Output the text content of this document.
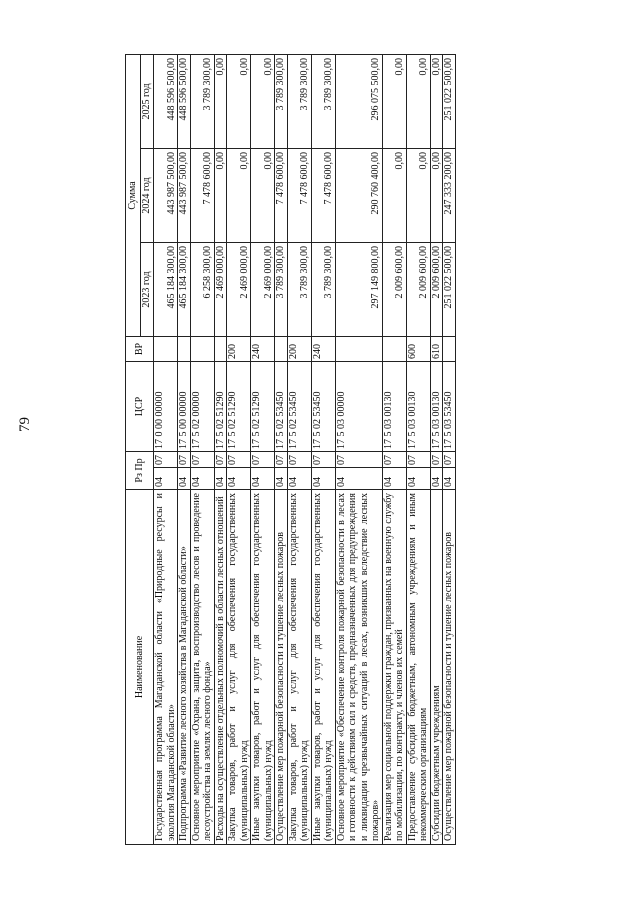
79
Наименование	Рз Пр		ЦСР	ВР	Сумма		
					2023 год	2024 год	2025 год
Государственная программа Магаданской области «Природные ресурсы и экология Магаданской области»	04	07	17 0 00 00000		465 184 300,00	443 987 500,00	448 596 500,00
Подпрограмма «Развитие лесного хозяйства в Магаданской области»	04	07	17 5 00 00000		465 184 300,00	443 987 500,00	448 596 500,00
Основное мероприятие «Охрана, защита, воспроизводство лесов и проведение лесоустройства на землях лесного фонда»	04	07	17 5 02 00000		6 258 300,00	7 478 600,00	3 789 300,00
Расходы на осуществление отдельных полномочий в области лесных отношений	04	07	17 5 02 51290		2 469 000,00	0,00	0,00
Закупка товаров, работ и услуг для обеспечения государственных (муниципальных) нужд	04	07	17 5 02 51290	200	2 469 000,00	0,00	0,00
Иные закупки товаров, работ и услуг для обеспечения государственных (муниципальных) нужд	04	07	17 5 02 51290	240	2 469 000,00	0,00	0,00
Осуществление мер пожарной безопасности и тушение лесных пожаров	04	07	17 5 02 53450		3 789 300,00	7 478 600,00	3 789 300,00
Закупка товаров, работ и услуг для обеспечения государственных (муниципальных) нужд	04	07	17 5 02 53450	200	3 789 300,00	7 478 600,00	3 789 300,00
Иные закупки товаров, работ и услуг для обеспечения государственных (муниципальных) нужд	04	07	17 5 02 53450	240	3 789 300,00	7 478 600,00	3 789 300,00
Основное мероприятие «Обеспечение контроля пожарной безопасности в лесах и готовности к действиям сил и средств, предназначенных для предупреждения и ликвидации чрезвычайных ситуаций в лесах, возникших вследствие лесных пожаров»	04	07	17 5 03 00000		297 149 800,00	290 760 400,00	296 075 500,00
Реализация мер социальной поддержки граждан, призванных на военную службу по мобилизации, по контракту, и членов их семей	04	07	17 5 03 00130		2 009 600,00	0,00	0,00
Предоставление субсидий бюджетным, автономным учреждениям и иным некоммерческим организациям	04	07	17 5 03 00130	600	2 009 600,00	0,00	0,00
Субсидии бюджетным учреждениям	04	07	17 5 03 00130	610	2 009 600,00	0,00	0,00
Осуществление мер пожарной безопасности и тушение лесных пожаров	04	07	17 5 03 53450		251 022 500,00	247 333 200,00	251 022 500,00
